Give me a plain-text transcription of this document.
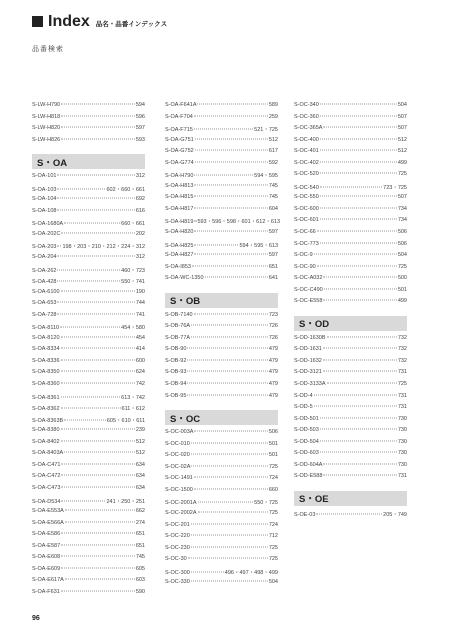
Index 品名・品番インデックス
品番検索
S-LW-H790	594
S-LW-H818	596
S-LW-H820	597
S-LW-H826	593
S・OA
S-OA-101	312
S-OA-103	602・660・661
S-OA-104	692
S-OA-108	616
S-OA-1680A	660・661
S-OA-202C	202
S-OA-203 198・203・210・212・224・312
S-OA-204	312
S-OA-262	460・723
S-OA-428	550・741
S-OA-6100	190
S-OA-653	744
S-OA-728	741
S-OA-8110	454・580
S-OA-8120	454
S-OA-8334	414
S-OA-8336	600
S-OA-8350	624
S-OA-8360	742
S-OA-8361	613・742
S-OA-8362	611・612
S-OA-8363B	605・610・611
S-OA-8380	239
S-OA-8402	512
S-OA-8403A	512
S-OA-C471	634
S-OA-C472	634
S-OA-C473	634
S-OA-D534	241・250・251
S-OA-E553A	662
S-OA-E566A	274
S-OA-E586	651
S-OA-E587	651
S-OA-E608	745
S-OA-E609	605
S-OA-E617A	603
S-OA-F631	590
S-OA-F641A	589
S-OA-F704	259
S-OA-F715	521・725
S-OA-G751	512
S-OA-G752	617
S-OA-G774	592
S-OA-H790	594・595
S-OA-H813	745
S-OA-H815	745
S-OA-H817	604
S-OA-H819 593・596・598・601・612・613
S-OA-H820	597
S-OA-H825	594・595・613
S-OA-H827	597
S-OA-I853	651
S-OA-WC-1350	641
S・OB
S-OB-7140	723
S-OB-76A	726
S-OB-77A	726
S-OB-90	479
S-OB-92	479
S-OB-93	479
S-OB-94	479
S-OB-95	479
S・OC
S-OC-003A	506
S-OC-010	501
S-OC-020	501
S-OC-02A	725
S-OC-1491	724
S-OC-1500	660
S-OC-2001A	550・725
S-OC-2002A	725
S-OC-201	724
S-OC-220	712
S-OC-230	725
S-OC-30	725
S-OC-300	496・497・498・499
S-OC-330	504
S-OC-340	504
S-OC-360	507
S-OC-365A	507
S-OC-400	512
S-OC-401	512
S-OC-402	499
S-OC-520	725
S-OC-540	723・725
S-OC-550	507
S-OC-600	734
S-OC-601	734
S-OC-66	506
S-OC-773	506
S-OC-9	504
S-OC-90	725
S-OC-A032	500
S-OC-C490	501
S-OC-E558	499
S・OD
S-OD-1630B	732
S-OD-1631	732
S-OD-1632	732
S-OD-3121	731
S-OD-3133A	725
S-OD-4	731
S-OD-5	731
S-OD-501	730
S-OD-503	730
S-OD-504	730
S-OD-603	730
S-OD-604A	730
S-OD-E588	731
S・OE
S-OE-03	205・749
96
